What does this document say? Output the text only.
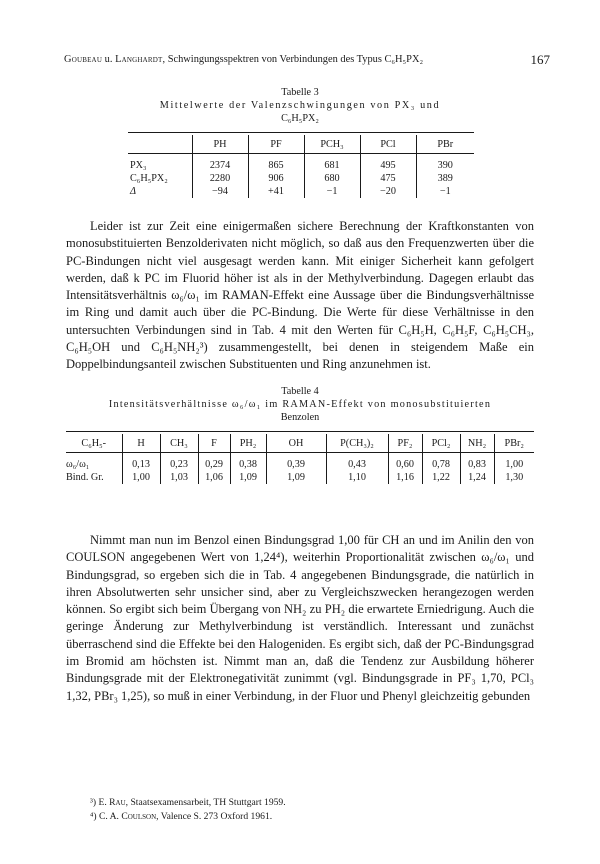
Goubeau u. Langhardt, Schwingungsspektren von Verbindungen des Typus C₆H₅PX₂	167
Tabelle 3
Mittelwerte der Valenzschwingungen von PX₃ und
C₆H₅PX₂
	PH	PF	PCH₃	PCl	PBr

PX₃	2374	865	681	495	390
C₆H₅PX₂	2280	906	680	475	389
Δ	−94	+41	−1	−20	−1
Leider ist zur Zeit eine einigermaßen sichere Berechnung der Kraftkonstanten von monosubstituierten Benzolderivaten nicht möglich, so daß aus den Frequenzwerten über die PC-Bindungen nicht viel ausgesagt werden kann. Mit einiger Sicherheit kann gefolgert werden, daß k PC im Fluorid höher ist als in der Methylverbindung. Dagegen erlaubt das Intensitätsverhältnis ω₆/ω₁ im RAMAN-Effekt eine Aussage über die Bindungsverhältnisse im Ring und damit auch über die PC-Bindung. Die Werte für diese Verhältnisse in den untersuchten Verbindungen sind in Tab. 4 mit den Werten für C₆H₅H, C₆H₅F, C₆H₅CH₃, C₆H₅OH und C₆H₅NH₂³) zusammengestellt, bei denen in steigendem Maße ein Doppelbindungsanteil zwischen Substituenten und Ring anzunehmen ist.
Tabelle 4
Intensitätsverhältnisse ω₆/ω₁ im RAMAN-Effekt von monosubstituierten
Benzolen
C₆H₅-	H	CH₃	F	PH₂	OH	P(CH₃)₂	PF₂	PCl₂	NH₂	PBr₂

ω₆/ω₁	0,13	0,23	0,29	0,38	0,39	0,43	0,60	0,78	0,83	1,00
Bind. Gr.	1,00	1,03	1,06	1,09	1,09	1,10	1,16	1,22	1,24	1,30
Nimmt man nun im Benzol einen Bindungsgrad 1,00 für CH an und im Anilin den von COULSON angegebenen Wert von 1,24⁴), weiterhin Proportionalität zwischen ω₆/ω₁ und Bindungsgrad, so ergeben sich die in Tab. 4 angegebenen Bindungsgrade, die natürlich in ihren Absolutwerten sehr unsicher sind, aber zu Vergleichszwecken herangezogen werden können. So ergibt sich beim Übergang von NH₂ zu PH₂ die erwartete Erniedrigung. Auch die geringe Änderung zur Methylverbindung ist verständlich. Interessant und zunächst überraschend sind die Effekte bei den Halogeniden. Es ergibt sich, daß der PC-Bindungsgrad im Bromid am höchsten ist. Nimmt man an, daß die Tendenz zur Ausbildung höherer Bindungsgrade mit der Elektronegativität zunimmt (vgl. Bindungsgrade in PF₃ 1,70, PCl₃ 1,32, PBr₃ 1,25), so muß in einer Verbindung, in der Fluor und Phenyl gleichzeitig gebunden
³) E. Rau, Staatsexamensarbeit, TH Stuttgart 1959.
⁴) C. A. Coulson, Valence S. 273 Oxford 1961.
